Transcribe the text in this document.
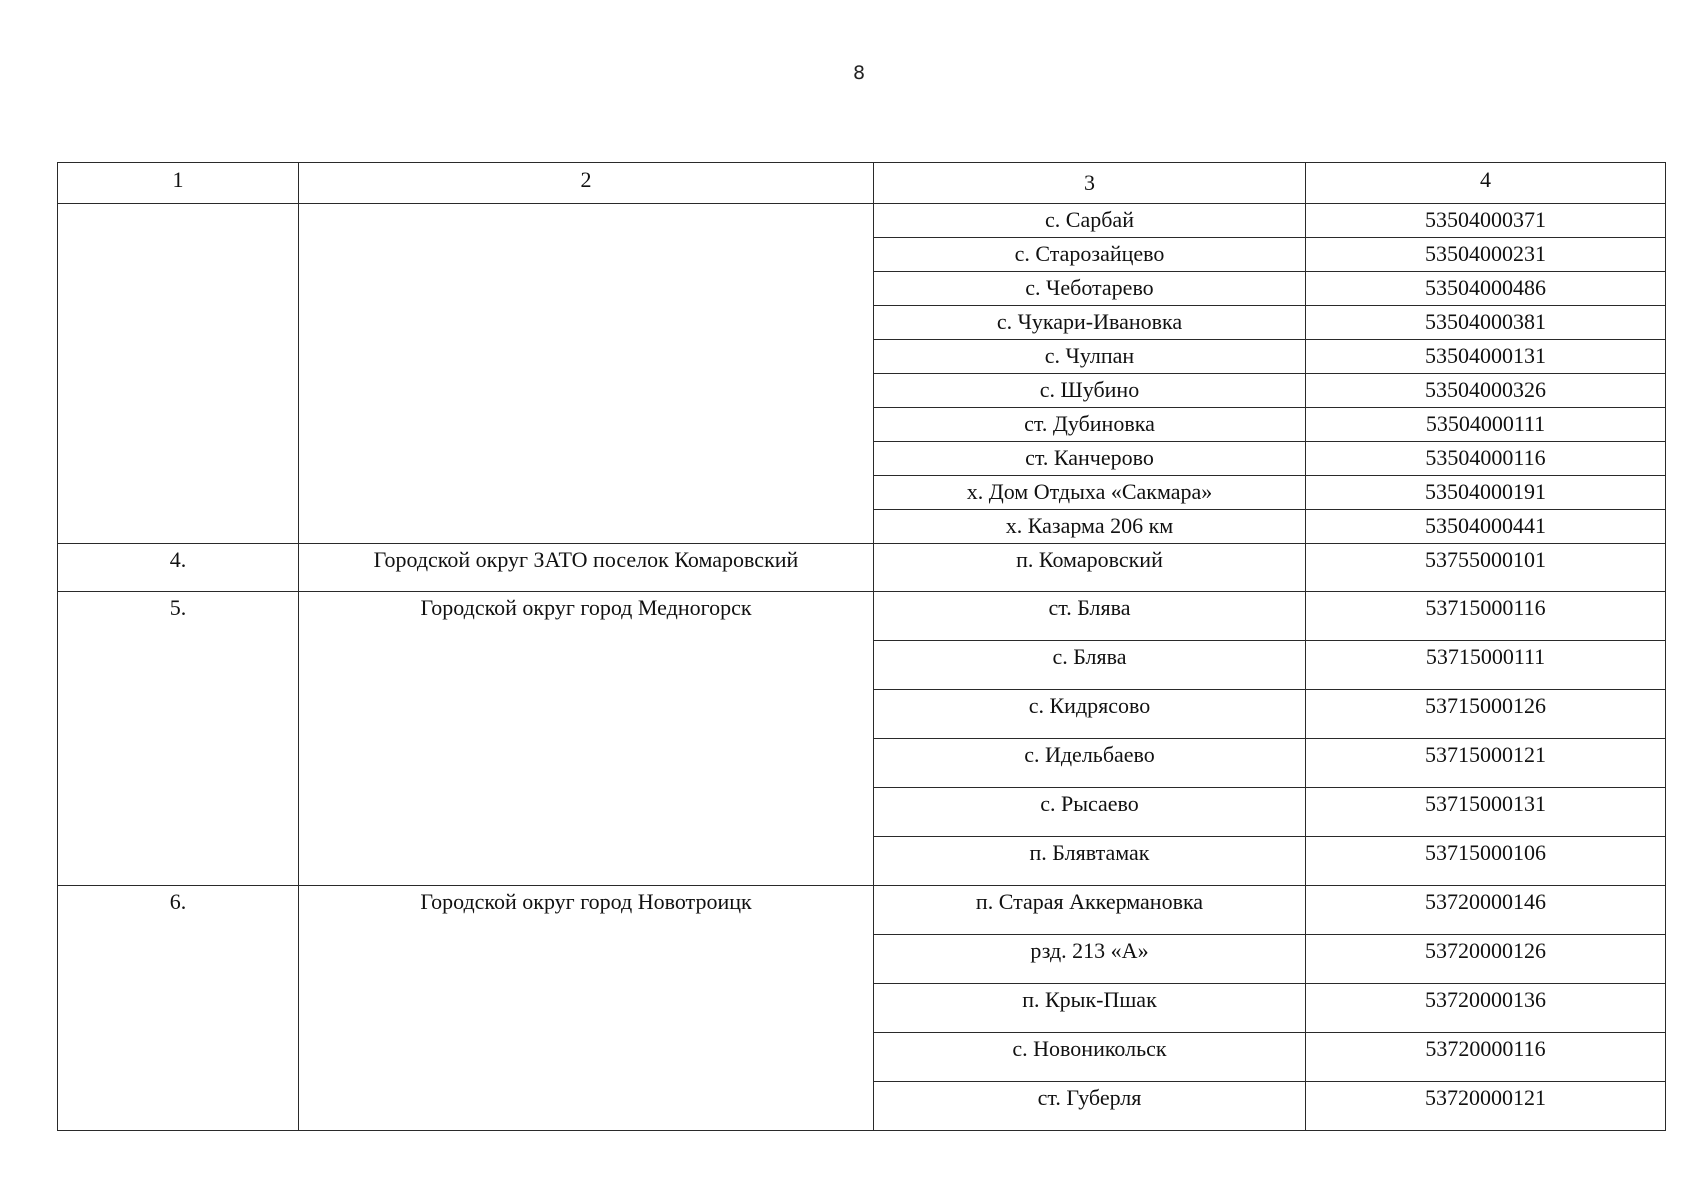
8
1	2	3	4
		с. Сарбай	53504000371
		с. Старозайцево	53504000231
		с. Чеботарево	53504000486
		с. Чукари-Ивановка	53504000381
		с. Чулпан	53504000131
		с. Шубино	53504000326
		ст. Дубиновка	53504000111
		ст. Канчерово	53504000116
		х. Дом Отдыха «Сакмара»	53504000191
		х. Казарма 206 км	53504000441
4.	Городской округ ЗАТО поселок Комаровский	п. Комаровский	53755000101
5.	Городской округ город Медногорск	ст. Блява	53715000116
		с. Блява	53715000111
		с. Кидрясово	53715000126
		с. Идельбаево	53715000121
		с. Рысаево	53715000131
		п. Блявтамак	53715000106
6.	Городской округ город Новотроицк	п. Старая Аккермановка	53720000146
		рзд. 213 «А»	53720000126
		п. Крык-Пшак	53720000136
		с. Новоникольск	53720000116
		ст. Губерля	53720000121
